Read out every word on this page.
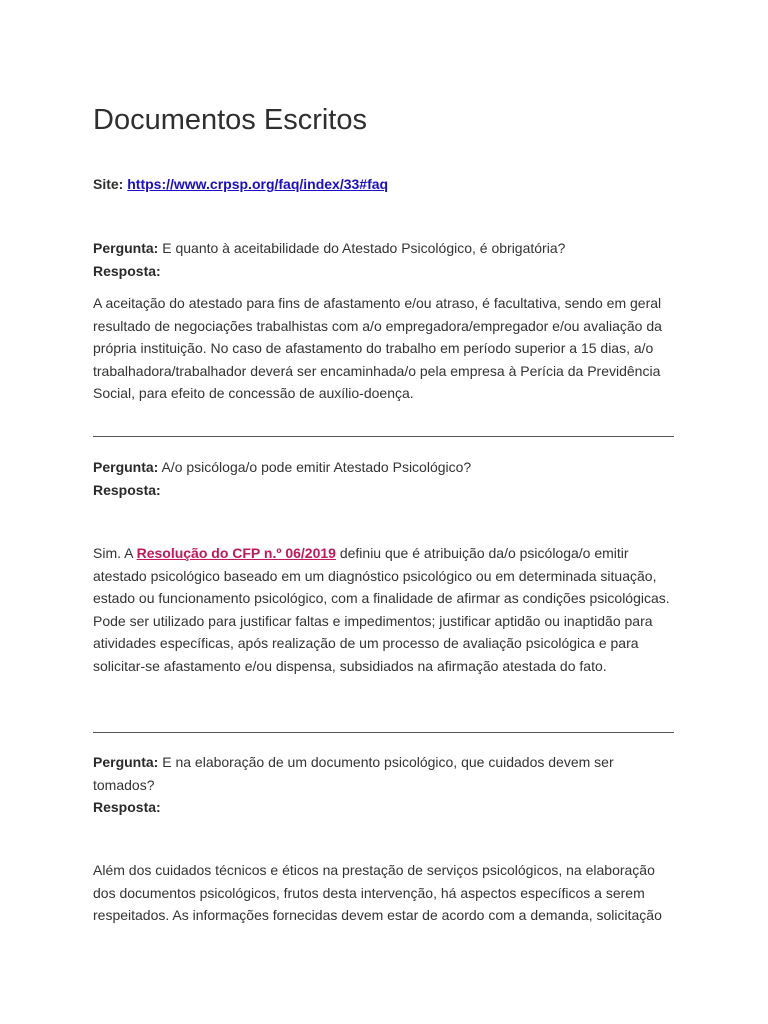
Documentos Escritos
Site: https://www.crpsp.org/faq/index/33#faq

Pergunta: E quanto à aceitabilidade do Atestado Psicológico, é obrigatória?

Resposta:

A aceitação do atestado para fins de afastamento e/ou atraso, é facultativa, sendo em geral resultado de negociações trabalhistas com a/o empregadora/empregador e/ou avaliação da própria instituição. No caso de afastamento do trabalho em período superior a 15 dias, a/o trabalhadora/trabalhador deverá ser encaminhada/o pela empresa à Perícia da Previdência Social, para efeito de concessão de auxílio-doença.

Pergunta: A/o psicóloga/o pode emitir Atestado Psicológico?

Resposta:

Sim. A Resolução do CFP n.º 06/2019 definiu que é atribuição da/o psicóloga/o emitir atestado psicológico baseado em um diagnóstico psicológico ou em determinada situação, estado ou funcionamento psicológico, com a finalidade de afirmar as condições psicológicas. Pode ser utilizado para justificar faltas e impedimentos; justificar aptidão ou inaptidão para atividades específicas, após realização de um processo de avaliação psicológica e para solicitar-se afastamento e/ou dispensa, subsidiados na afirmação atestada do fato.

Pergunta: E na elaboração de um documento psicológico, que cuidados devem ser tomados?

Resposta:

Além dos cuidados técnicos e éticos na prestação de serviços psicológicos, na elaboração dos documentos psicológicos, frutos desta intervenção, há aspectos específicos a serem respeitados. As informações fornecidas devem estar de acordo com a demanda, solicitação
